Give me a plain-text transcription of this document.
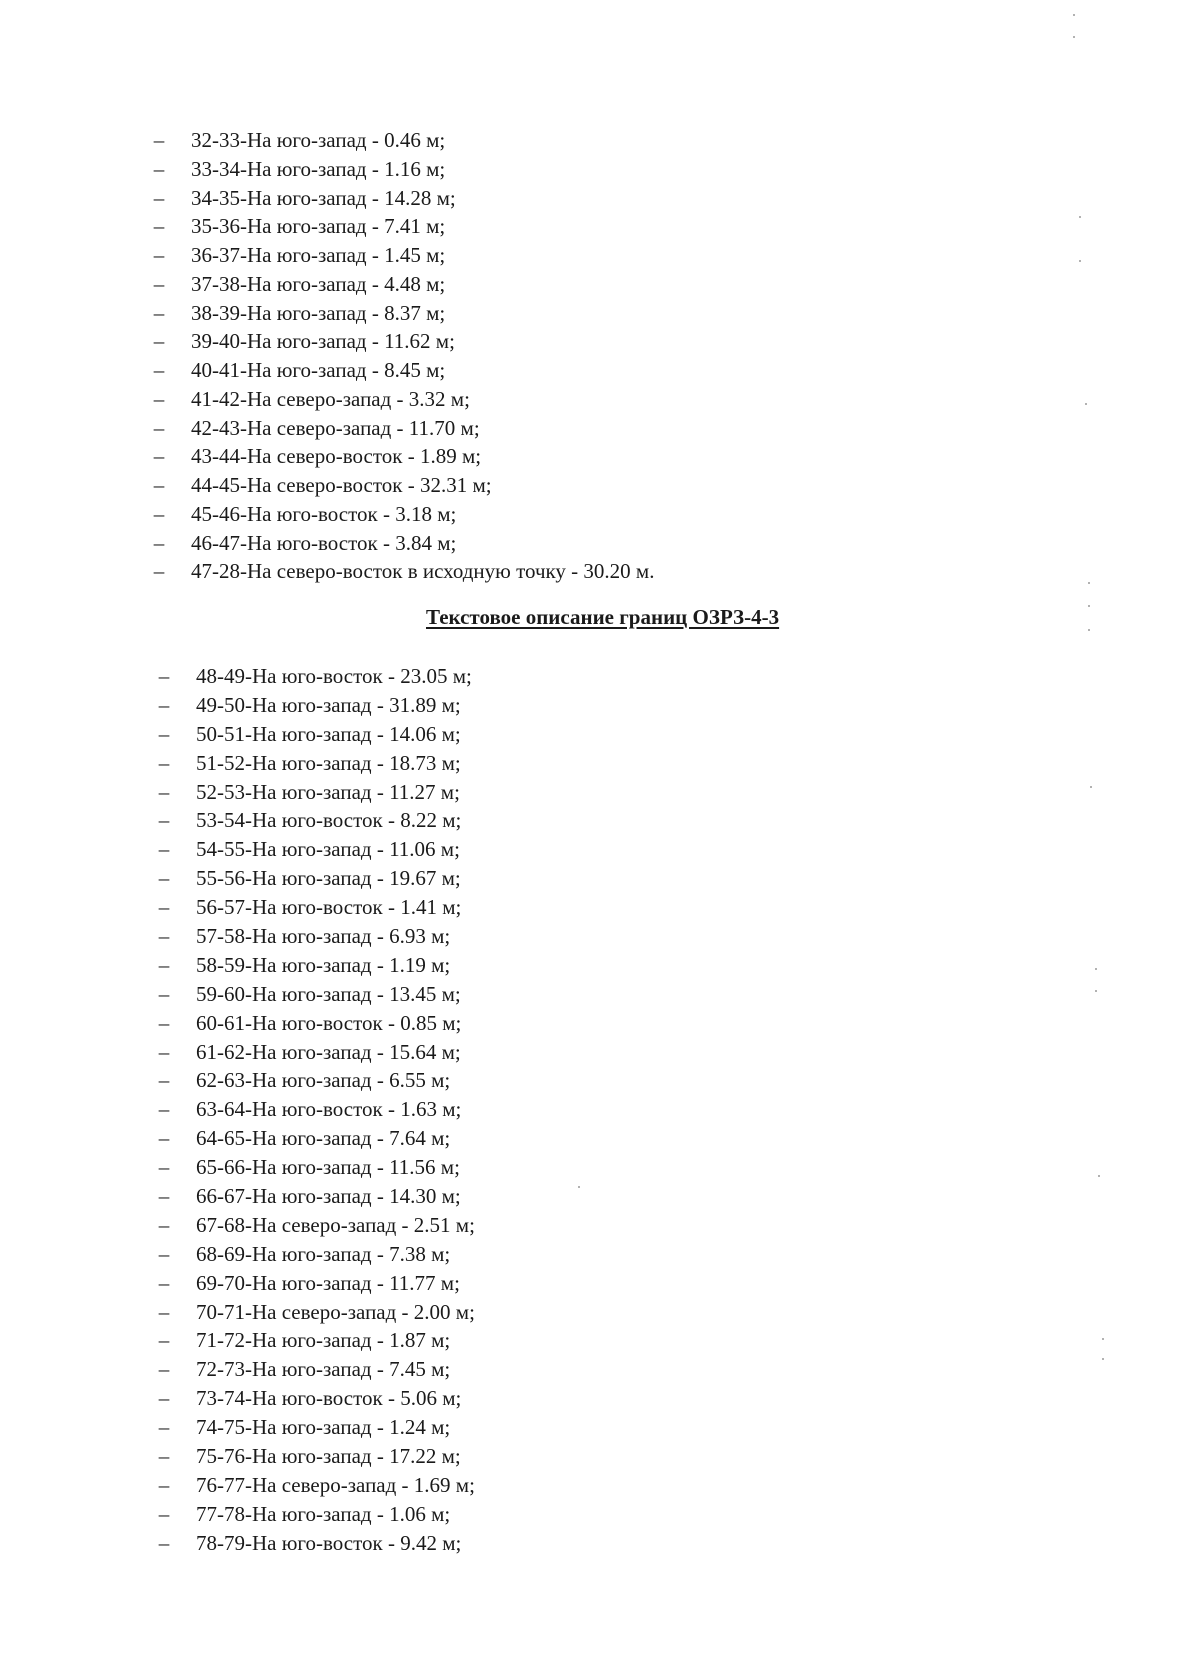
– 32-33-На юго-запад - 0.46 м;
– 33-34-На юго-запад - 1.16 м;
– 34-35-На юго-запад - 14.28 м;
– 35-36-На юго-запад - 7.41 м;
– 36-37-На юго-запад - 1.45 м;
– 37-38-На юго-запад - 4.48 м;
– 38-39-На юго-запад - 8.37 м;
– 39-40-На юго-запад - 11.62 м;
– 40-41-На юго-запад - 8.45 м;
– 41-42-На северо-запад - 3.32 м;
– 42-43-На северо-запад - 11.70 м;
– 43-44-На северо-восток - 1.89 м;
– 44-45-На северо-восток - 32.31 м;
– 45-46-На юго-восток - 3.18 м;
– 46-47-На юго-восток - 3.84 м;
– 47-28-На северо-восток в исходную точку - 30.20 м.
Текстовое описание границ ОЗРЗ-4-3
– 48-49-На юго-восток - 23.05 м;
– 49-50-На юго-запад - 31.89 м;
– 50-51-На юго-запад - 14.06 м;
– 51-52-На юго-запад - 18.73 м;
– 52-53-На юго-запад - 11.27 м;
– 53-54-На юго-восток - 8.22 м;
– 54-55-На юго-запад - 11.06 м;
– 55-56-На юго-запад - 19.67 м;
– 56-57-На юго-восток - 1.41 м;
– 57-58-На юго-запад - 6.93 м;
– 58-59-На юго-запад - 1.19 м;
– 59-60-На юго-запад - 13.45 м;
– 60-61-На юго-восток - 0.85 м;
– 61-62-На юго-запад - 15.64 м;
– 62-63-На юго-запад - 6.55 м;
– 63-64-На юго-восток - 1.63 м;
– 64-65-На юго-запад - 7.64 м;
– 65-66-На юго-запад - 11.56 м;
– 66-67-На юго-запад - 14.30 м;
– 67-68-На северо-запад - 2.51 м;
– 68-69-На юго-запад - 7.38 м;
– 69-70-На юго-запад - 11.77 м;
– 70-71-На северо-запад - 2.00 м;
– 71-72-На юго-запад - 1.87 м;
– 72-73-На юго-запад - 7.45 м;
– 73-74-На юго-восток - 5.06 м;
– 74-75-На юго-запад - 1.24 м;
– 75-76-На юго-запад - 17.22 м;
– 76-77-На северо-запад - 1.69 м;
– 77-78-На юго-запад - 1.06 м;
– 78-79-На юго-восток - 9.42 м;
